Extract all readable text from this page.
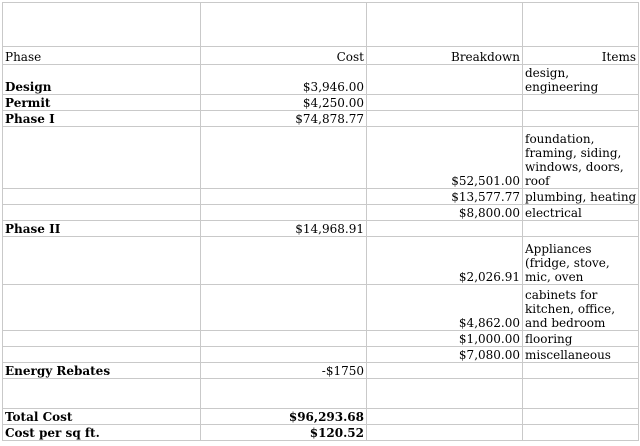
Phase	Cost	Breakdown	Items
Design	$3,946.00		design, engineering
Permit	$4,250.00		
Phase I	$74,878.77		
		$52,501.00	foundation, framing, siding, windows, doors, roof
		$13,577.77	plumbing, heating
		$8,800.00	electrical
Phase II	$14,968.91		
		$2,026.91	Appliances (fridge, stove, mic, oven
		$4,862.00	cabinets for kitchen, office, and bedroom
		$1,000.00	flooring
		$7,080.00	miscellaneous
Energy Rebates	-$1750		

Total Cost	$96,293.68		
Cost per sq ft.	$120.52		
